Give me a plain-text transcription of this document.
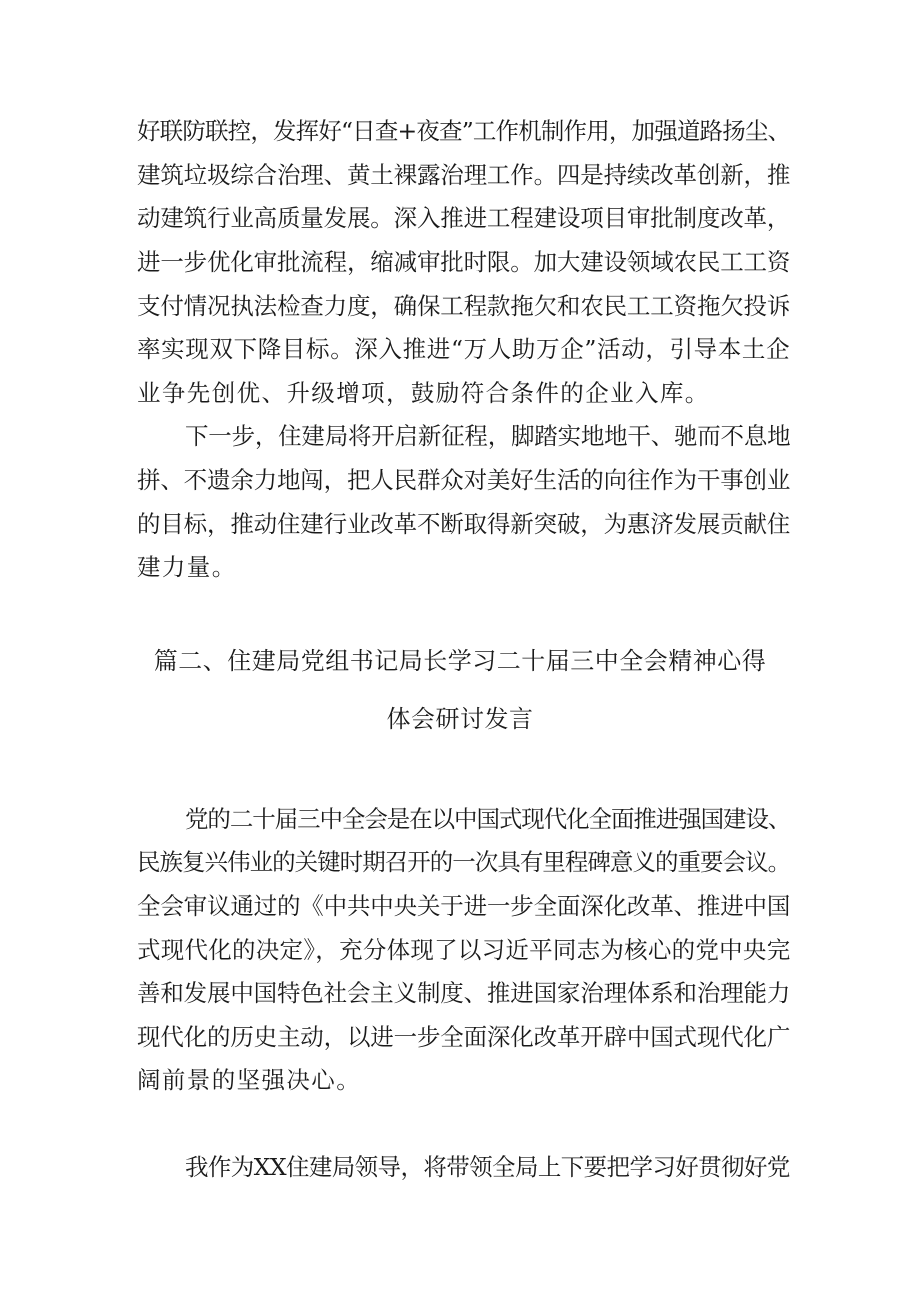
好联防联控，发挥好“日查+夜查”工作机制作用，加强道路扬尘、
建筑垃圾综合治理、黄土裸露治理工作。四是持续改革创新，推
动建筑行业高质量发展。深入推进工程建设项目审批制度改革，
进一步优化审批流程，缩减审批时限。加大建设领域农民工工资
支付情况执法检查力度，确保工程款拖欠和农民工工资拖欠投诉
率实现双下降目标。深入推进“万人助万企”活动，引导本土企
业争先创优、升级增项，鼓励符合条件的企业入库。
下一步，住建局将开启新征程，脚踏实地地干、驰而不息地
拼、不遗余力地闯，把人民群众对美好生活的向往作为干事创业
的目标，推动住建行业改革不断取得新突破，为惠济发展贡献住
建力量。
篇二、住建局党组书记局长学习二十届三中全会精神心得
体会研讨发言
党的二十届三中全会是在以中国式现代化全面推进强国建设、
民族复兴伟业的关键时期召开的一次具有里程碑意义的重要会议。
全会审议通过的《中共中央关于进一步全面深化改革、推进中国
式现代化的决定》，充分体现了以习近平同志为核心的党中央完
善和发展中国特色社会主义制度、推进国家治理体系和治理能力
现代化的历史主动，以进一步全面深化改革开辟中国式现代化广
阔前景的坚强决心。
我作为XX住建局领导，将带领全局上下要把学习好贯彻好党
